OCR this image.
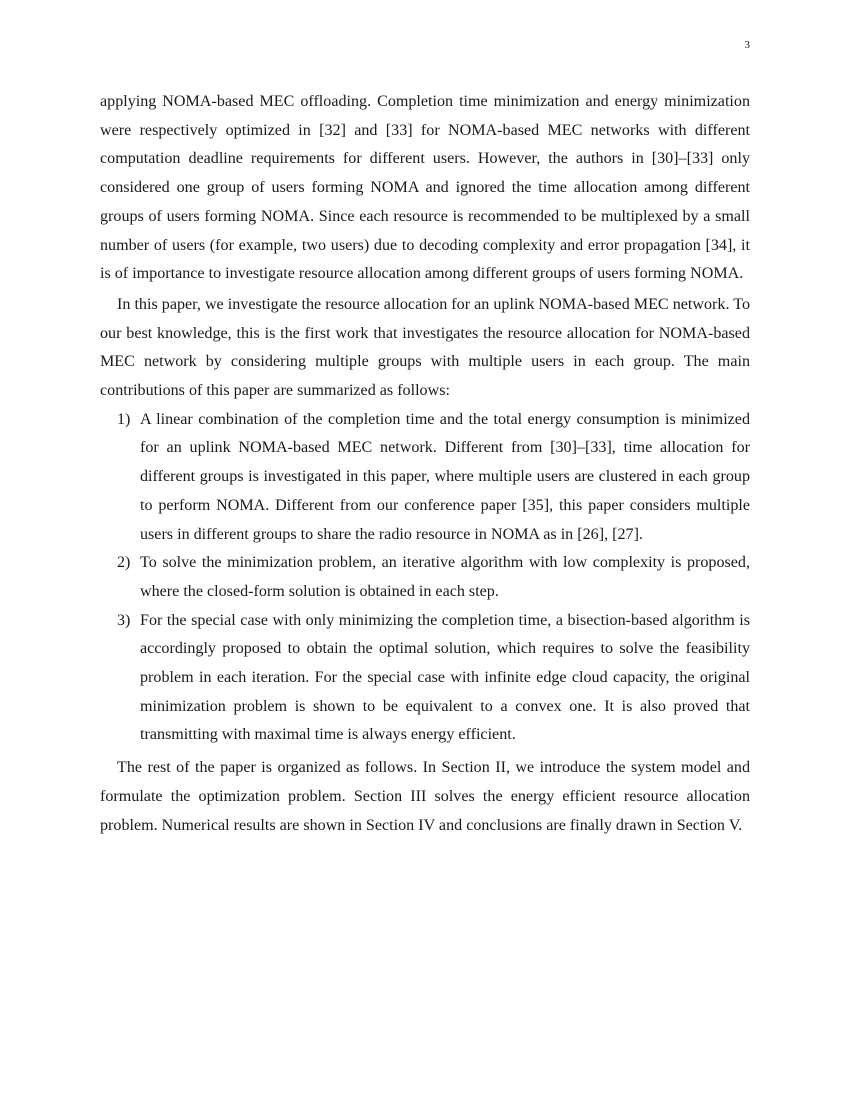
3

applying NOMA-based MEC offloading. Completion time minimization and energy minimization were respectively optimized in [32] and [33] for NOMA-based MEC networks with different computation deadline requirements for different users. However, the authors in [30]–[33] only considered one group of users forming NOMA and ignored the time allocation among different groups of users forming NOMA. Since each resource is recommended to be multiplexed by a small number of users (for example, two users) due to decoding complexity and error propagation [34], it is of importance to investigate resource allocation among different groups of users forming NOMA.

In this paper, we investigate the resource allocation for an uplink NOMA-based MEC network. To our best knowledge, this is the first work that investigates the resource allocation for NOMA-based MEC network by considering multiple groups with multiple users in each group. The main contributions of this paper are summarized as follows:

1) A linear combination of the completion time and the total energy consumption is minimized for an uplink NOMA-based MEC network. Different from [30]–[33], time allocation for different groups is investigated in this paper, where multiple users are clustered in each group to perform NOMA. Different from our conference paper [35], this paper considers multiple users in different groups to share the radio resource in NOMA as in [26], [27].
2) To solve the minimization problem, an iterative algorithm with low complexity is proposed, where the closed-form solution is obtained in each step.
3) For the special case with only minimizing the completion time, a bisection-based algorithm is accordingly proposed to obtain the optimal solution, which requires to solve the feasibility problem in each iteration. For the special case with infinite edge cloud capacity, the original minimization problem is shown to be equivalent to a convex one. It is also proved that transmitting with maximal time is always energy efficient.

The rest of the paper is organized as follows. In Section II, we introduce the system model and formulate the optimization problem. Section III solves the energy efficient resource allocation problem. Numerical results are shown in Section IV and conclusions are finally drawn in Section V.
